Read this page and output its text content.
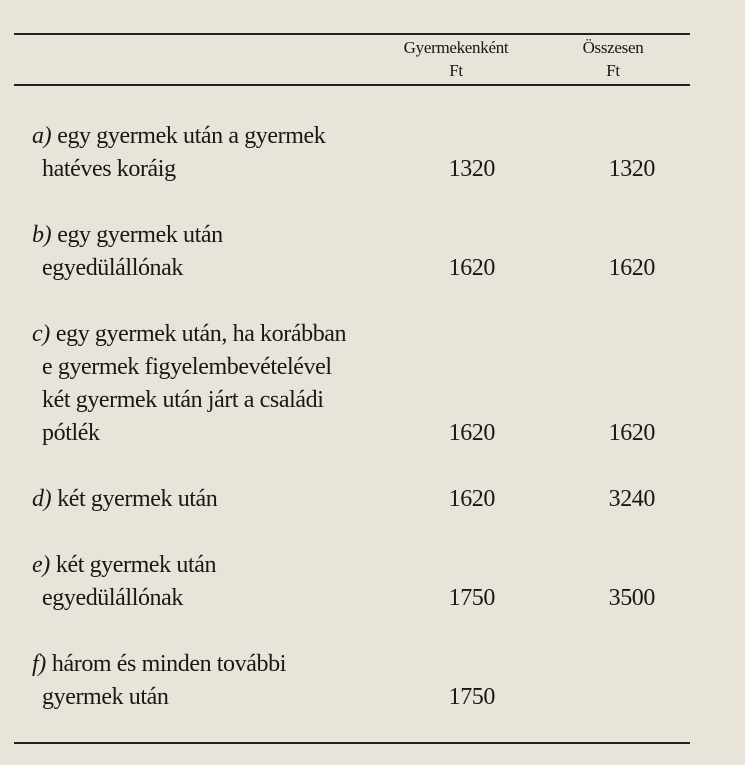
Gyermekenként
Ft
Összesen
Ft
a) egy gyermek után a gyermek
hatéves koráig	1320	1320
b) egy gyermek után
egyedülállónak	1620	1620
c) egy gyermek után, ha korábban
e gyermek figyelembevételével
két gyermek után járt a családi
pótlék	1620	1620
d) két gyermek után	1620	3240
e) két gyermek után
egyedülállónak	1750	3500
f) három és minden további
gyermek után	1750
